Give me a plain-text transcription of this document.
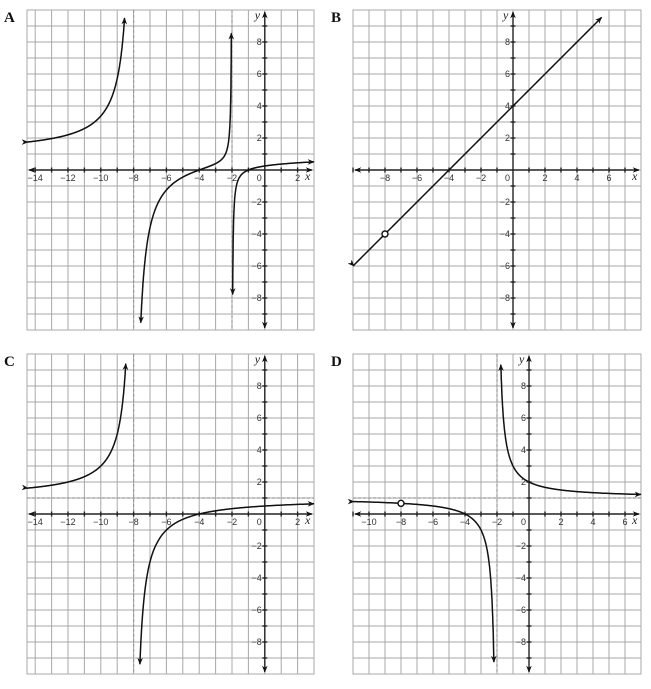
A
−14 −12 −10 −8	−6	−4	−2	2
8
6
4
2
−2
−4
−6
−8
0	x
y	B
−8 −6 −4 −2	2	4	6
8
6
4
2
−2
−4
−6
−8
0	x
y
C
−14 −12 −10 −8	−6	−4	−2	2
8
6
4
2
−2
−4
−6
−8
0	x
y	D
−10 −8 −6 −4 −2	2	4	6
8
6
4
2
−2
−4
−6
−8
0	x
y
